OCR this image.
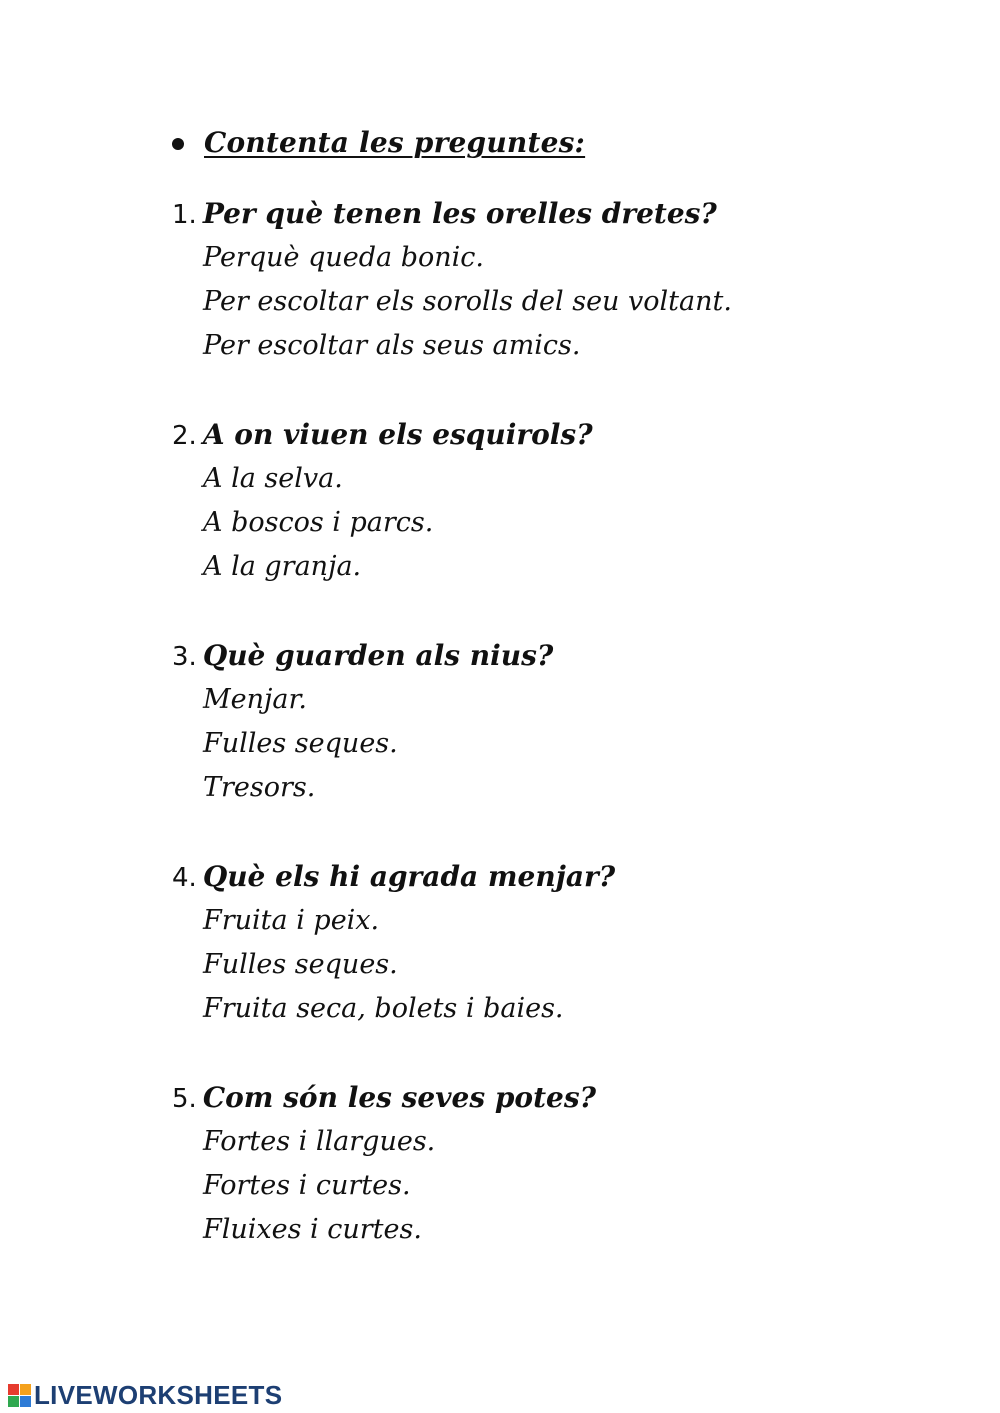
Contenta les preguntes:
1. Per què tenen les orelles dretes?
Perquè queda bonic.
Per escoltar els sorolls del seu voltant.
Per escoltar als seus amics.
2. A on viuen els esquirols?
A la selva.
A boscos i parcs.
A la granja.
3. Què guarden als nius?
Menjar.
Fulles seques.
Tresors.
4. Què els hi agrada menjar?
Fruita i peix.
Fulles seques.
Fruita seca, bolets i baies.
5. Com són les seves potes?
Fortes i llargues.
Fortes i curtes.
Fluixes i curtes.
LIVEWORKSHEETS
